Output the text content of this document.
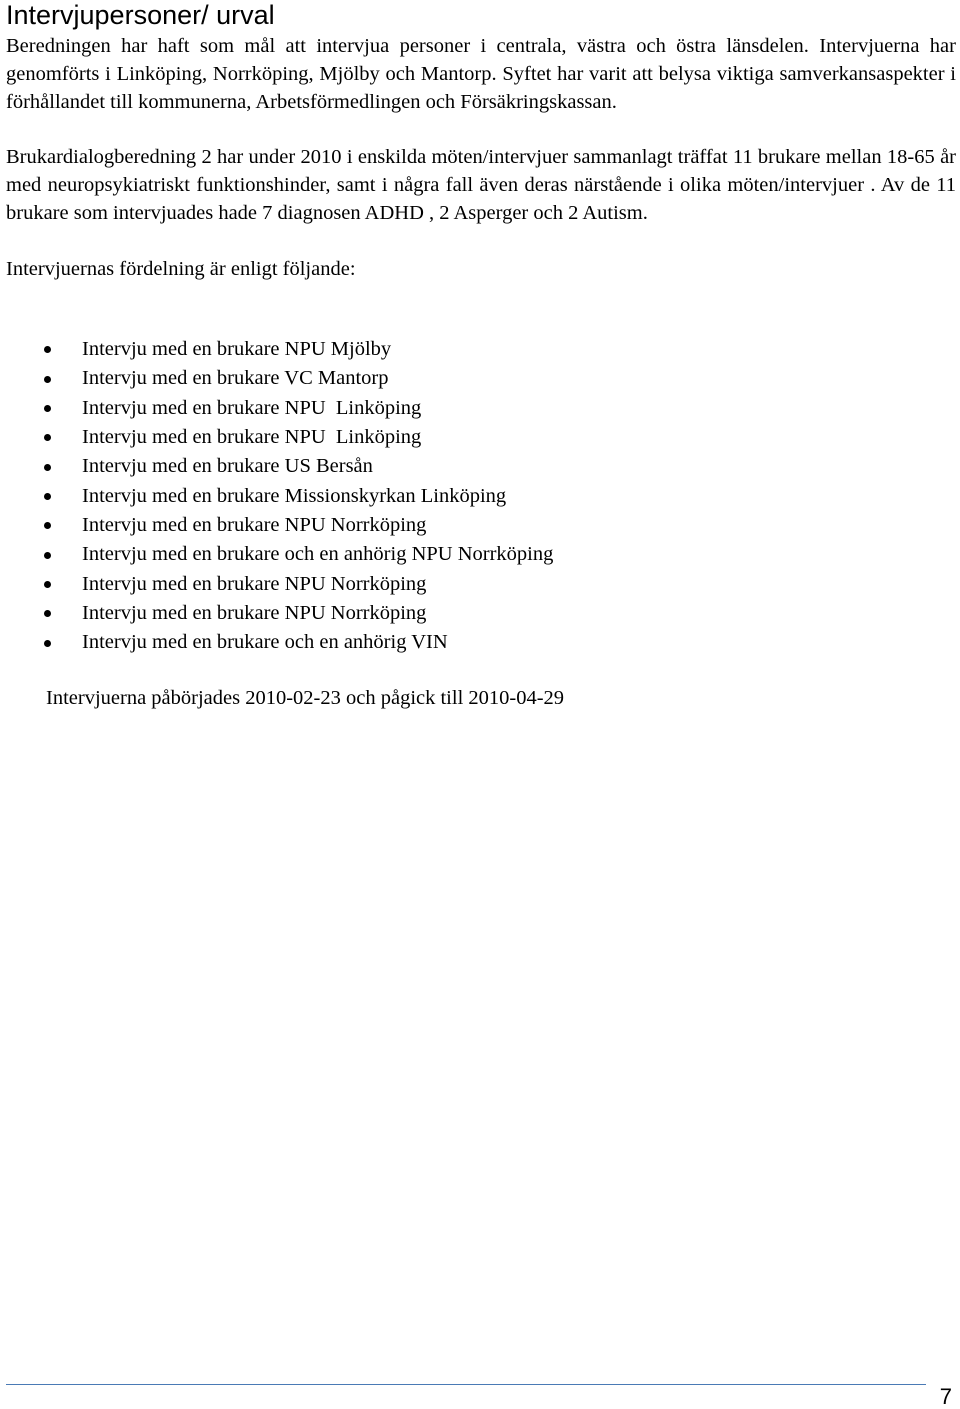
Intervjupersoner/ urval

Beredningen har haft som mål att intervjua personer i centrala, västra och östra länsdelen. Intervjuerna har genomförts i Linköping, Norrköping, Mjölby och Mantorp. Syftet har varit att belysa viktiga samverkansaspekter i förhållandet till kommunerna, Arbetsförmedlingen och Försäkringskassan.

Brukardialogberedning 2 har under 2010 i enskilda möten/intervjuer sammanlagt träffat 11 brukare mellan 18-65 år med neuropsykiatriskt funktionshinder, samt i några fall även deras närstående i olika möten/intervjuer . Av de 11 brukare som intervjuades hade 7 diagnosen ADHD , 2 Asperger och 2 Autism.

Intervjuernas fördelning är enligt följande:

Intervju med en brukare NPU Mjölby
Intervju med en brukare VC Mantorp
Intervju med en brukare NPU  Linköping
Intervju med en brukare NPU  Linköping
Intervju med en brukare US Bersån
Intervju med en brukare Missionskyrkan Linköping
Intervju med en brukare NPU Norrköping
Intervju med en brukare och en anhörig NPU Norrköping
Intervju med en brukare NPU Norrköping
Intervju med en brukare NPU Norrköping
Intervju med en brukare och en anhörig VIN

Intervjuerna påbörjades 2010-02-23 och pågick till 2010-04-29

7
